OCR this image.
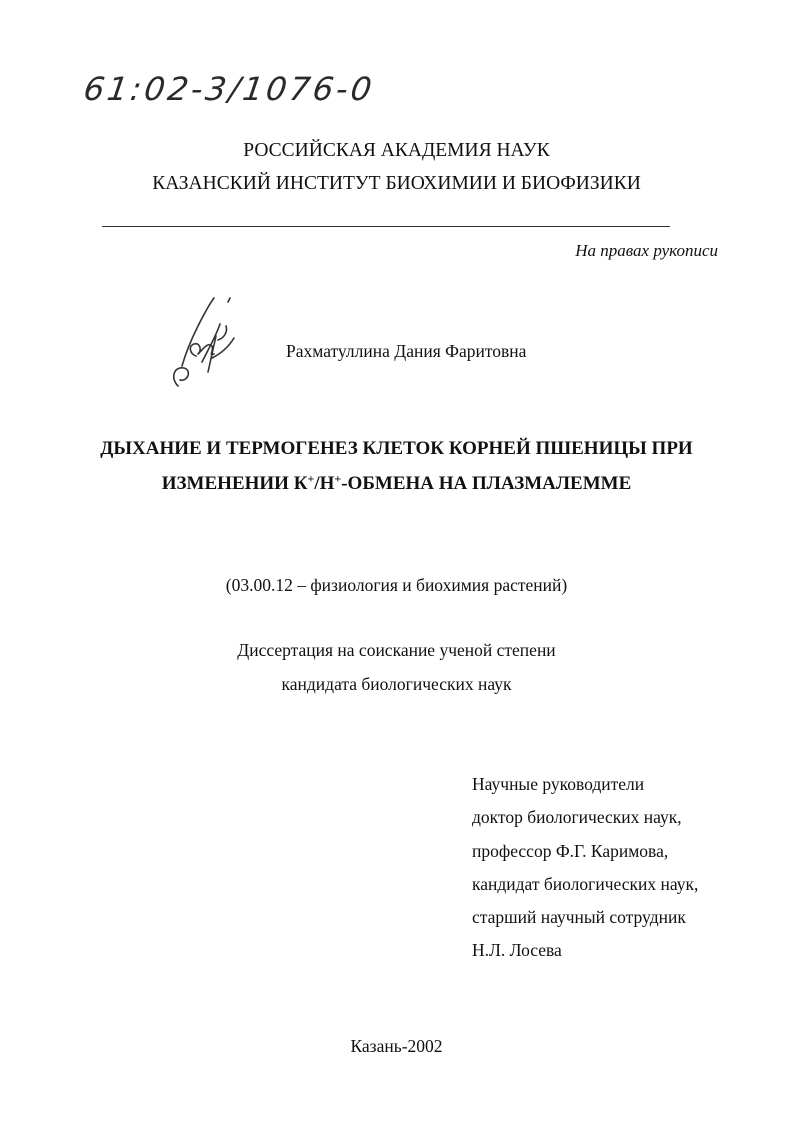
61:02-3/1076-0
РОССИЙСКАЯ АКАДЕМИЯ НАУК
КАЗАНСКИЙ ИНСТИТУТ БИОХИМИИ И БИОФИЗИКИ
На правах рукописи
Рахматуллина Дания Фаритовна
ДЫХАНИЕ И ТЕРМОГЕНЕЗ КЛЕТОК КОРНЕЙ ПШЕНИЦЫ ПРИ
ИЗМЕНЕНИИ К+/Н+-ОБМЕНА НА ПЛАЗМАЛЕММЕ
(03.00.12 – физиология и биохимия растений)
Диссертация на соискание ученой степени
кандидата биологических наук
Научные руководители
доктор биологических наук,
профессор Ф.Г. Каримова,
кандидат биологических наук,
старший научный сотрудник
Н.Л. Лосева
Казань-2002
